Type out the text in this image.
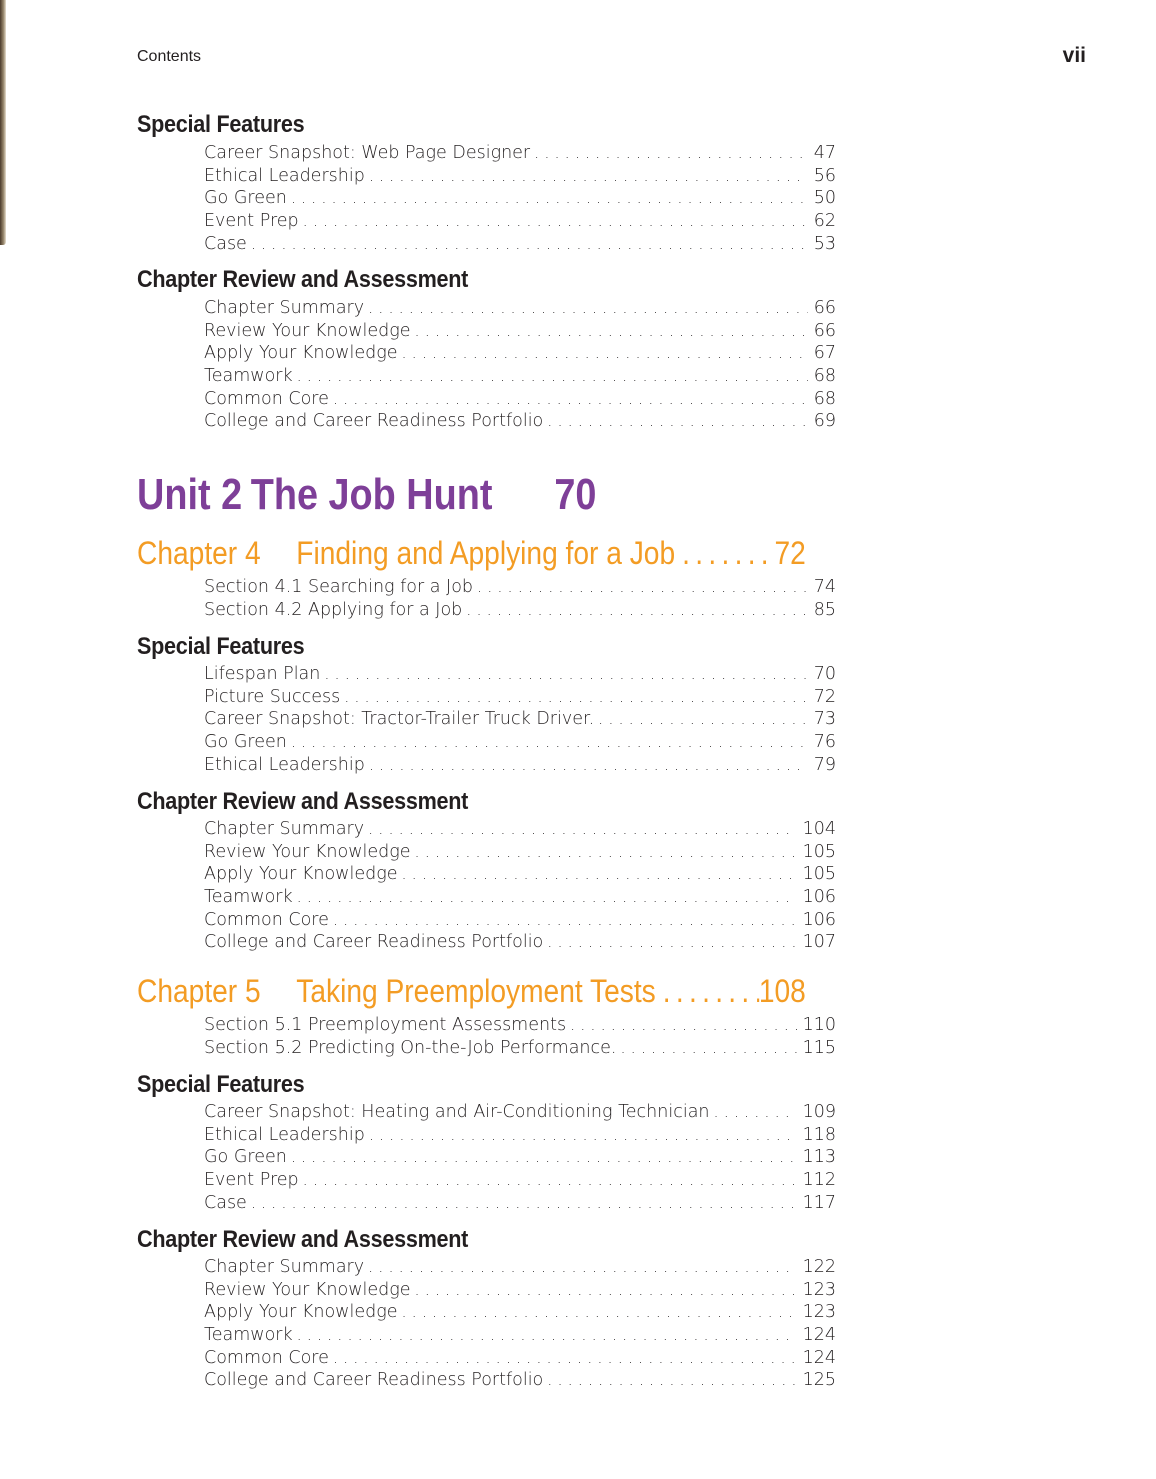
Contents	vii
Special Features
Career Snapshot: Web Page Designer . . .	47
Ethical Leadership . . .	56
Go Green . . .	50
Event Prep . . .	62
Case . . .	53
Chapter Review and Assessment
Chapter Summary . . .	66
Review Your Knowledge . . .	66
Apply Your Knowledge . . .	67
Teamwork . . .	68
Common Core . . .	68
College and Career Readiness Portfolio . . .	69
Unit 2 The Job Hunt 70
Chapter 4	Finding and Applying for a Job .....	72
Section 4.1 Searching for a Job . . .	74
Section 4.2 Applying for a Job . . .	85
Special Features
Lifespan Plan . . .	70
Picture Success . . .	72
Career Snapshot: Tractor-Trailer Truck Driver. . . .	73
Go Green . . .	76
Ethical Leadership . . .	79
Chapter Review and Assessment
Chapter Summary . . .	104
Review Your Knowledge . . .	105
Apply Your Knowledge . . .	105
Teamwork . . .	106
Common Core . . .	106
College and Career Readiness Portfolio . . .	107
Chapter 5	Taking Preemployment Tests .....	108
Section 5.1 Preemployment Assessments . . .	110
Section 5.2 Predicting On-the-Job Performance. . . .	115
Special Features
Career Snapshot: Heating and Air-Conditioning Technician . . .	109
Ethical Leadership . . .	118
Go Green . . .	113
Event Prep . . .	112
Case . . .	117
Chapter Review and Assessment
Chapter Summary . . .	122
Review Your Knowledge . . .	123
Apply Your Knowledge . . .	123
Teamwork . . .	124
Common Core . . .	124
College and Career Readiness Portfolio . . .	125
